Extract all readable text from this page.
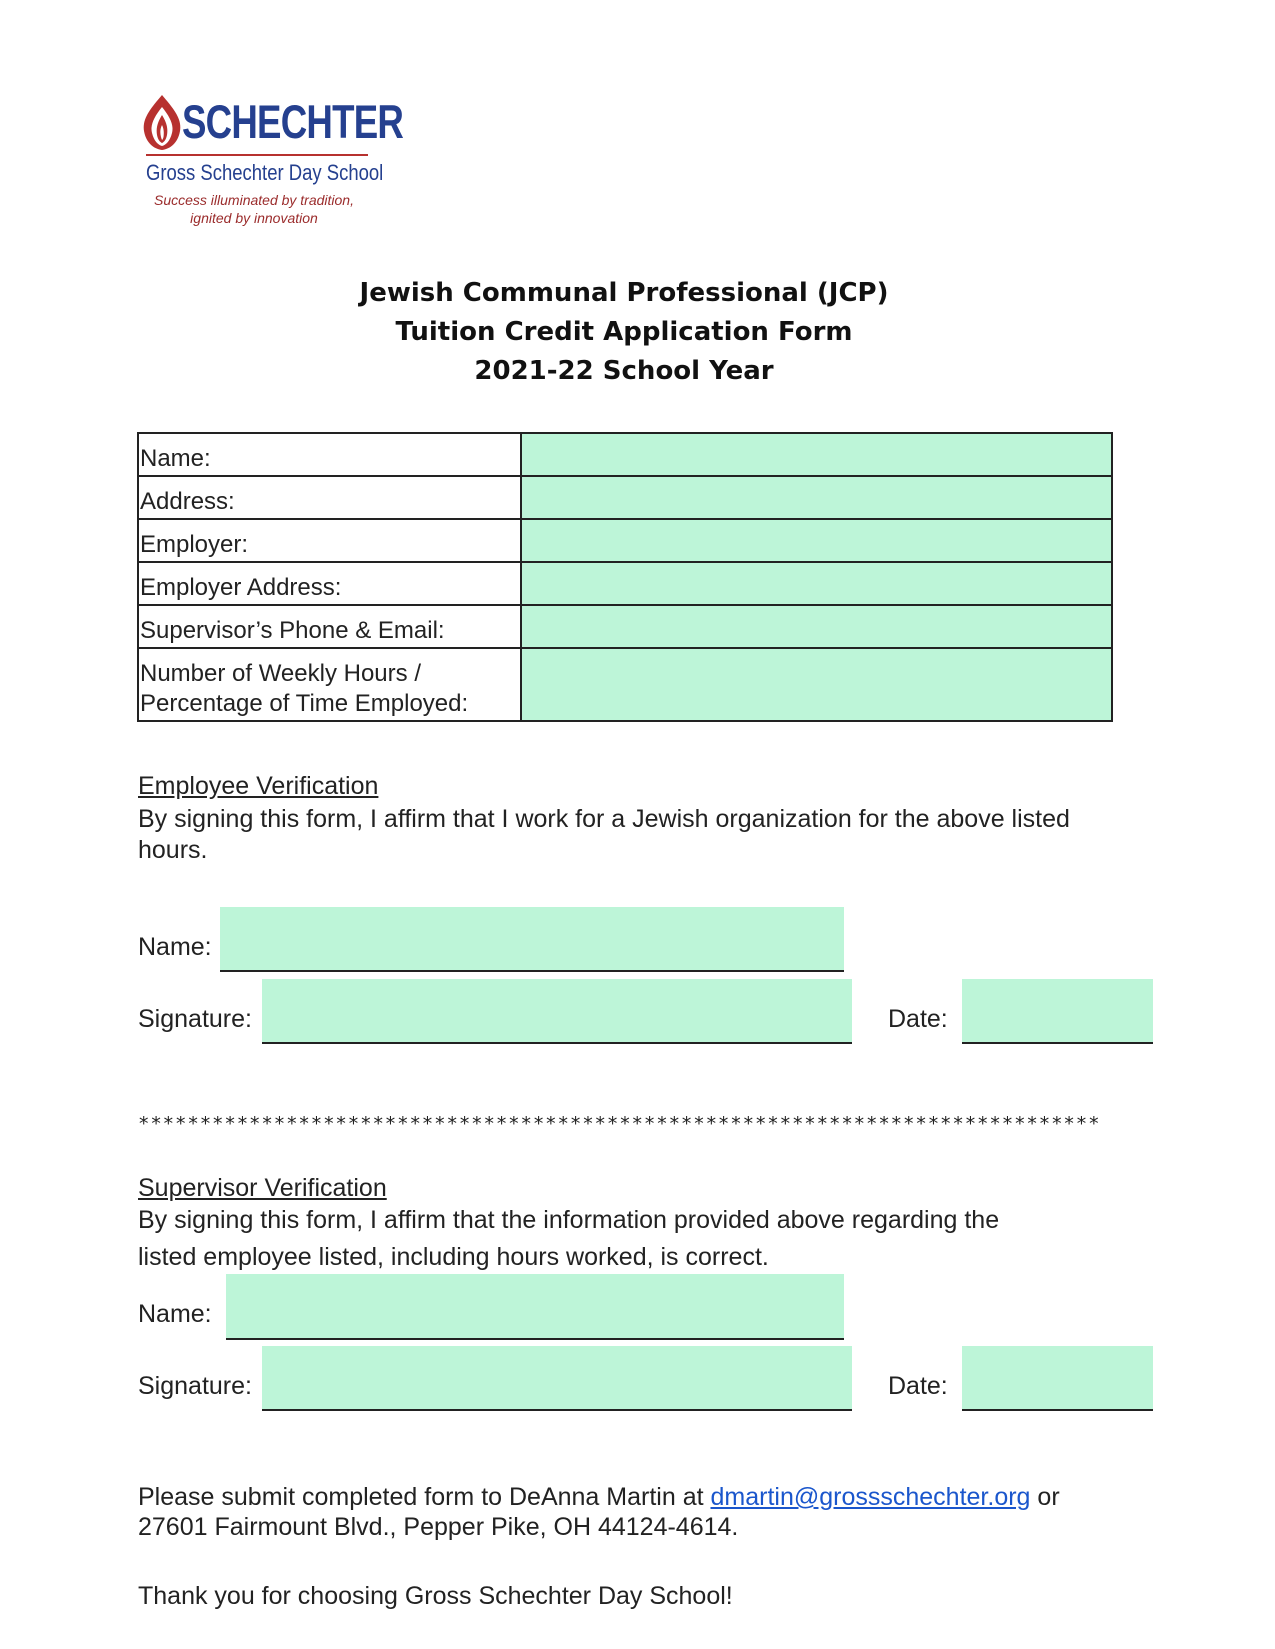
SCHECHTER
Gross Schechter Day School
Success illuminated by tradition,
ignited by innovation
Jewish Communal Professional (JCP)
Tuition Credit Application Form
2021-22 School Year
Name:	
Address:	
Employer:	
Employer Address:	
Supervisor’s Phone & Email:	

Number of Weekly Hours /
Percentage of Time Employed:	

Employee Verification
By signing this form, I affirm that I work for a Jewish organization for the above listed hours.
Name:
Signature:	Date:
******************************************************************************
Supervisor Verification
By signing this form, I affirm that the information provided above regarding the
listed employee listed, including hours worked, is correct.
Name:
Signature:	Date:
Please submit completed form to DeAnna Martin at dmartin@grossschechter.org or
27601 Fairmount Blvd., Pepper Pike, OH 44124-4614.
Thank you for choosing Gross Schechter Day School!
